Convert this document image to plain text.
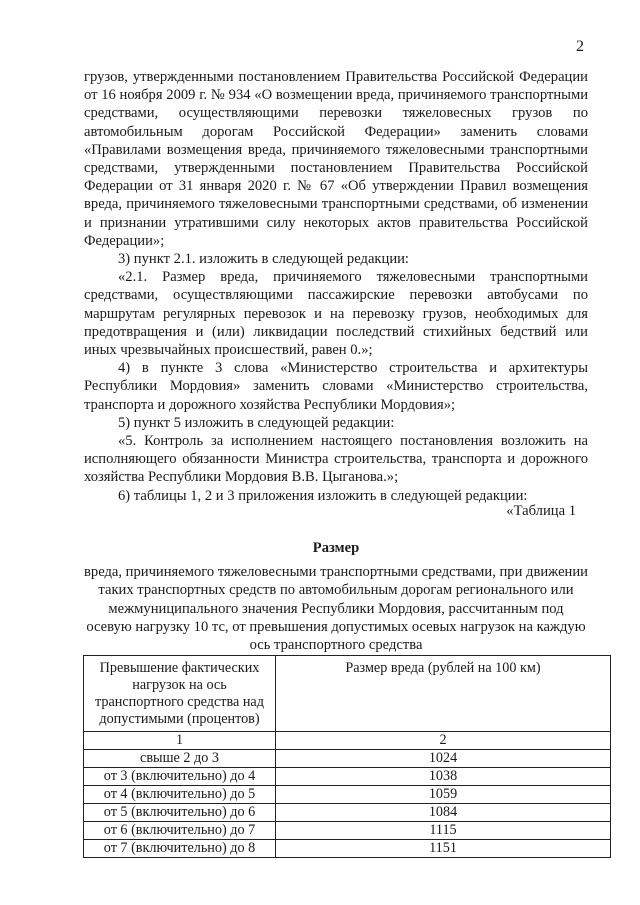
2

грузов, утвержденными постановлением Правительства Российской Федерации от 16 ноября 2009 г. № 934 «О возмещении вреда, причиняемого транспортными средствами, осуществляющими перевозки тяжеловесных грузов по автомобильным дорогам Российской Федерации» заменить словами «Правилами возмещения вреда, причиняемого тяжеловесными транспортными средствами, утвержденными постановлением Правительства Российской Федерации от 31 января 2020 г. № 67 «Об утверждении Правил возмещения вреда, причиняемого тяжеловесными транспортными средствами, об изменении и признании утратившими силу некоторых актов правительства Российской Федерации»;

3) пункт 2.1. изложить в следующей редакции:

«2.1. Размер вреда, причиняемого тяжеловесными транспортными средствами, осуществляющими пассажирские перевозки автобусами по маршрутам регулярных перевозок и на перевозку грузов, необходимых для предотвращения и (или) ликвидации последствий стихийных бедствий или иных чрезвычайных происшествий, равен 0.»;

4) в пункте 3 слова «Министерство строительства и архитектуры Республики Мордовия» заменить словами «Министерство строительства, транспорта и дорожного хозяйства Республики Мордовия»;

5) пункт 5 изложить в следующей редакции:

«5. Контроль за исполнением настоящего постановления возложить на исполняющего обязанности Министра строительства, транспорта и дорожного хозяйства Республики Мордовия В.В. Цыганова.»;

6) таблицы 1, 2 и 3 приложения изложить в следующей редакции:

«Таблица 1
Размер
вреда, причиняемого тяжеловесными транспортными средствами, при движении таких транспортных средств по автомобильным дорогам регионального или межмуниципального значения Республики Мордовия, рассчитанным под осевую нагрузку 10 тс, от превышения допустимых осевых нагрузок на каждую ось транспортного средства
Превышение фактических нагрузок на ось транспортного средства над допустимыми (процентов)	Размер вреда (рублей на 100 км)
1	2
свыше 2 до 3	1024
от 3 (включительно) до 4	1038
от 4 (включительно) до 5	1059
от 5 (включительно) до 6	1084
от 6 (включительно) до 7	1115
от 7 (включительно) до 8	1151
